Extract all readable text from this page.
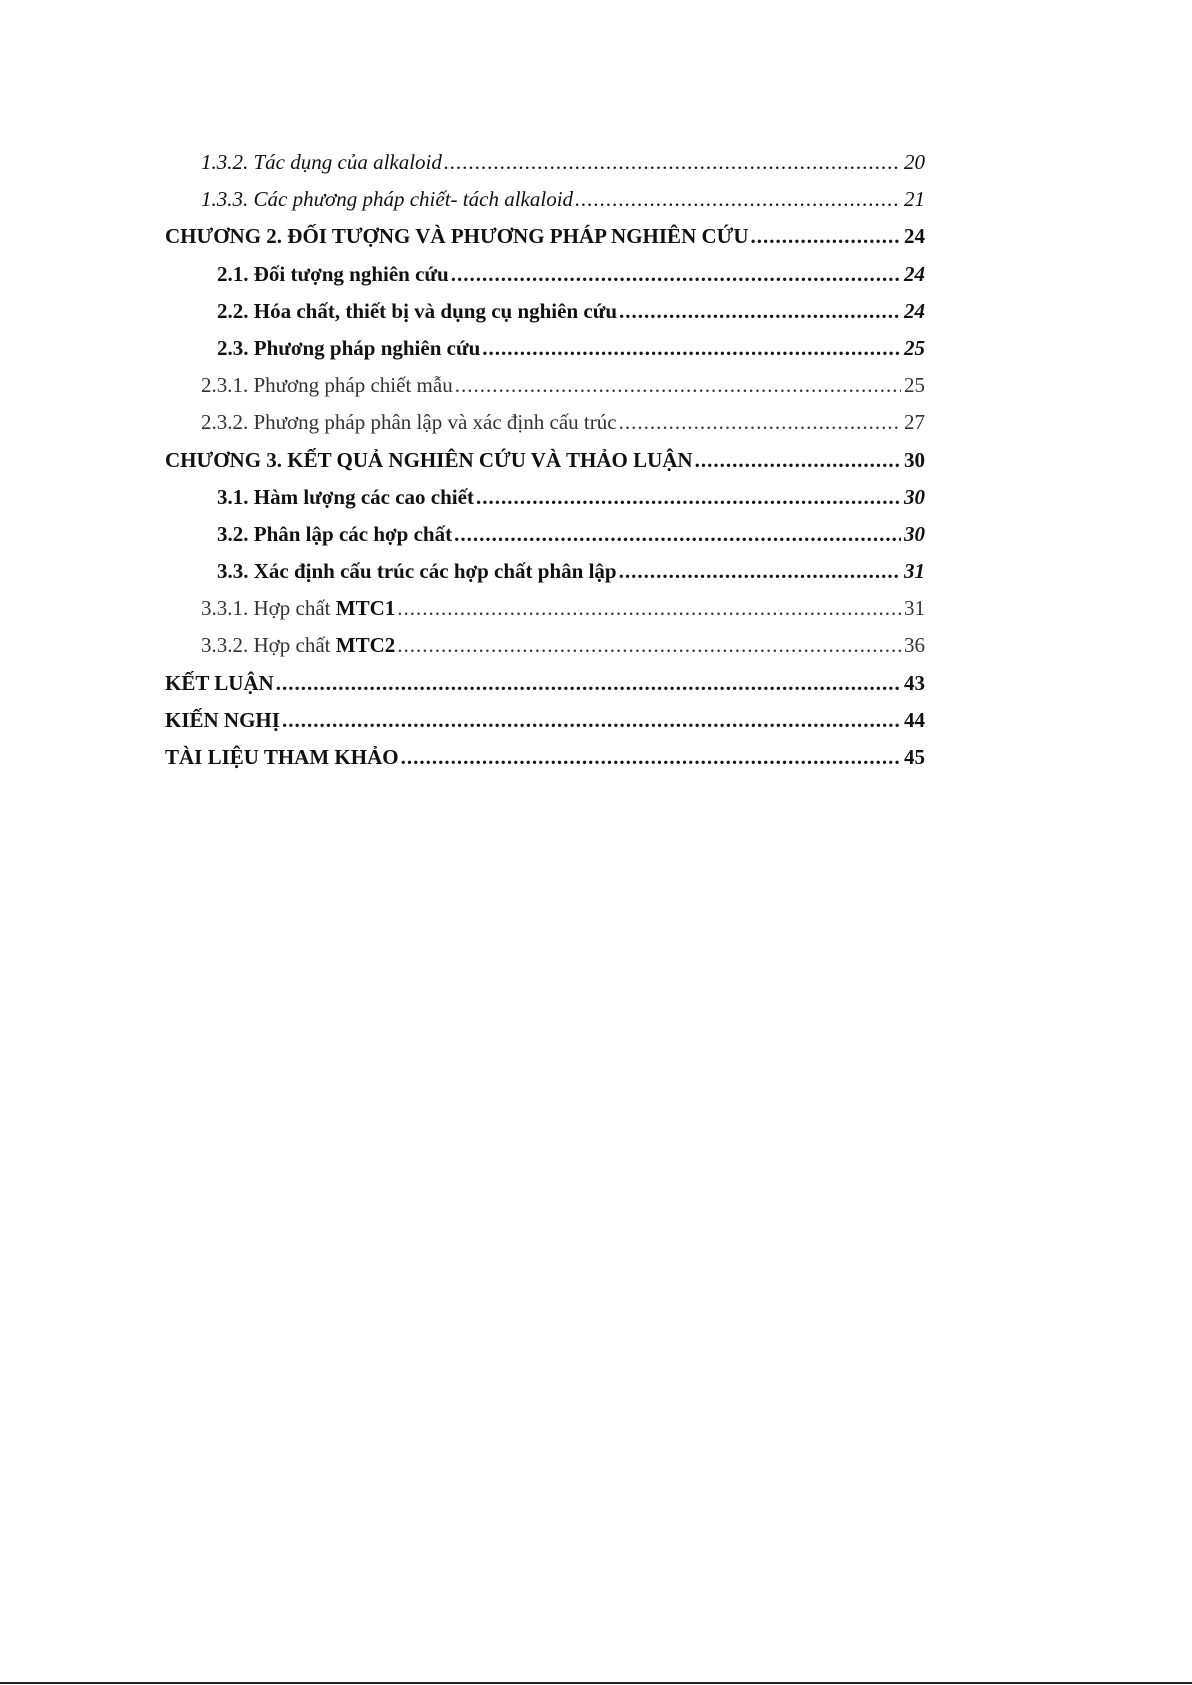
1.3.2. Tác dụng của alkaloid .....	20
1.3.3. Các phương pháp chiết- tách alkaloid .....	21
CHƯƠNG 2. ĐỐI TƯỢNG VÀ PHƯƠNG PHÁP NGHIÊN CỨU .....	24
2.1. Đối tượng nghiên cứu .....	24
2.2. Hóa chất, thiết bị và dụng cụ nghiên cứu .....	24
2.3. Phương pháp nghiên cứu .....	25
2.3.1. Phương pháp chiết mẫu .....	25
2.3.2. Phương pháp phân lập và xác định cấu trúc .....	27
CHƯƠNG 3. KẾT QUẢ NGHIÊN CỨU VÀ THẢO LUẬN .....	30
3.1. Hàm lượng các cao chiết .....	30
3.2. Phân lập các hợp chất .....	30
3.3. Xác định cấu trúc các hợp chất phân lập .....	31
3.3.1. Hợp chất MTC1 .....	31
3.3.2. Hợp chất MTC2 .....	36
KẾT LUẬN .....	43
KIẾN NGHỊ .....	44
TÀI LIỆU THAM KHẢO .....	45
